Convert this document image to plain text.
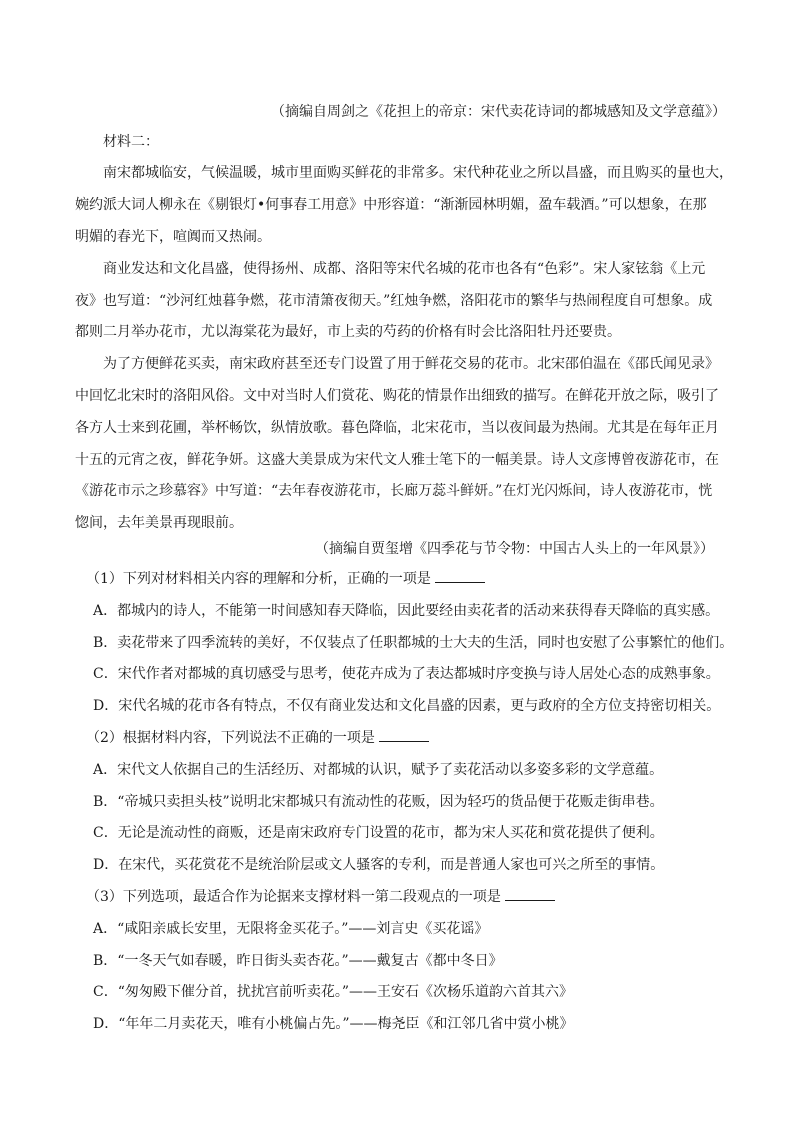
（摘编自周剑之《花担上的帝京：宋代卖花诗词的都城感知及文学意蕴》）
材料二：
南宋都城临安，气候温暖，城市里面购买鲜花的非常多。宋代种花业之所以昌盛，而且购买的量也大，
婉约派大词人柳永在《剔银灯•何事春工用意》中形容道：“渐渐园林明媚，盈车载酒。”可以想象，在那
明媚的春光下，喧阗而又热闹。
商业发达和文化昌盛，使得扬州、成都、洛阳等宋代名城的花市也各有“色彩”。宋人家铉翁《上元
夜》也写道：“沙河红烛暮争燃，花市清箫夜彻天。”红烛争燃，洛阳花市的繁华与热闹程度自可想象。成
都则二月举办花市，尤以海棠花为最好，市上卖的芍药的价格有时会比洛阳牡丹还要贵。
为了方便鲜花买卖，南宋政府甚至还专门设置了用于鲜花交易的花市。北宋邵伯温在《邵氏闻见录》
中回忆北宋时的洛阳风俗。文中对当时人们赏花、购花的情景作出细致的描写。在鲜花开放之际，吸引了
各方人士来到花圃，举杯畅饮，纵情放歌。暮色降临，北宋花市，当以夜间最为热闹。尤其是在每年正月
十五的元宵之夜，鲜花争妍。这盛大美景成为宋代文人雅士笔下的一幅美景。诗人文彦博曾夜游花市，在
《游花市示之珍慕容》中写道：“去年春夜游花市，长廊万蕊斗鲜妍。”在灯光闪烁间，诗人夜游花市，恍
惚间，去年美景再现眼前。
（摘编自贾玺增《四季花与节令物：中国古人头上的一年风景》）
（1）下列对材料相关内容的理解和分析，正确的一项是
A．都城内的诗人，不能第一时间感知春天降临，因此要经由卖花者的活动来获得春天降临的真实感。
B．卖花带来了四季流转的美好，不仅装点了任职都城的士大夫的生活，同时也安慰了公事繁忙的他们。
C．宋代作者对都城的真切感受与思考，使花卉成为了表达都城时序变换与诗人居处心态的成熟事象。
D．宋代名城的花市各有特点，不仅有商业发达和文化昌盛的因素，更与政府的全方位支持密切相关。
（2）根据材料内容，下列说法不正确的一项是
A．宋代文人依据自己的生活经历、对都城的认识，赋予了卖花活动以多姿多彩的文学意蕴。
B．“帝城只卖担头枝”说明北宋都城只有流动性的花贩，因为轻巧的货品便于花贩走街串巷。
C．无论是流动性的商贩，还是南宋政府专门设置的花市，都为宋人买花和赏花提供了便利。
D．在宋代，买花赏花不是统治阶层或文人骚客的专利，而是普通人家也可兴之所至的事情。
（3）下列选项，最适合作为论据来支撑材料一第二段观点的一项是
A．“咸阳亲戚长安里，无限将金买花子。”——刘言史《买花谣》
B．“一冬天气如春暖，昨日街头卖杏花。”——戴复古《都中冬日》
C．“匆匆殿下催分首，扰扰宫前听卖花。”——王安石《次杨乐道韵六首其六》
D．“年年二月卖花天，唯有小桃偏占先。”——梅尧臣《和江邻几省中赏小桃》
